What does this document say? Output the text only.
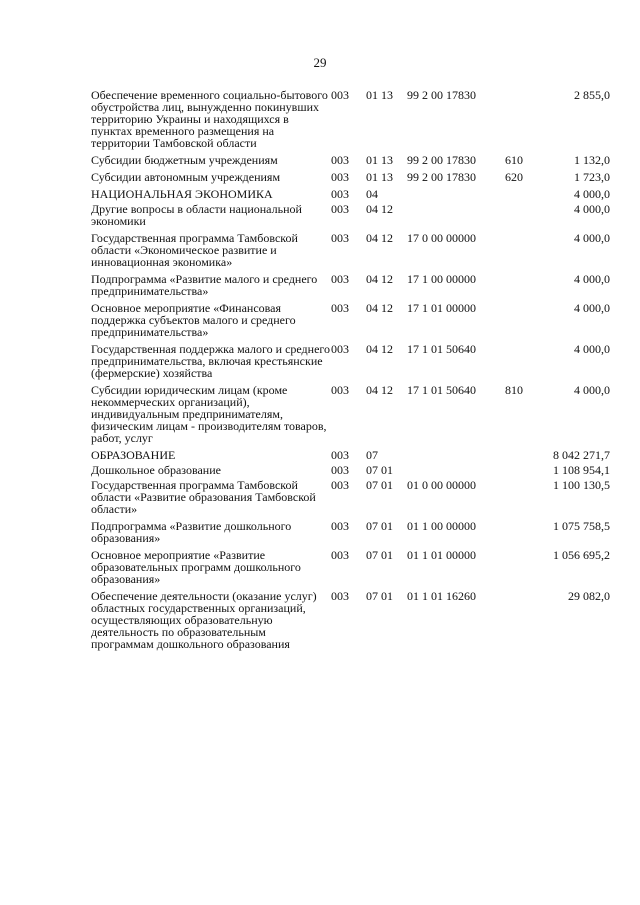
29
Обеспечение временного социально-бытового обустройства лиц, вынужденно покинувших территорию Украины и находящихся в пунктах временного размещения на территории Тамбовской области	003	01 13	99 2 00 17830		2 855,0
Субсидии бюджетным учреждениям	003	01 13	99 2 00 17830	610	1 132,0
Субсидии автономным учреждениям	003	01 13	99 2 00 17830	620	1 723,0
НАЦИОНАЛЬНАЯ ЭКОНОМИКА	003	04			4 000,0
Другие вопросы в области национальной экономики	003	04 12			4 000,0
Государственная программа Тамбовской области «Экономическое развитие и инновационная экономика»	003	04 12	17 0 00 00000		4 000,0
Подпрограмма «Развитие малого и среднего предпринимательства»	003	04 12	17 1 00 00000		4 000,0
Основное мероприятие «Финансовая поддержка субъектов малого и среднего предпринимательства»	003	04 12	17 1 01 00000		4 000,0
Государственная поддержка малого и среднего предпринимательства, включая крестьянские (фермерские) хозяйства	003	04 12	17 1 01 50640		4 000,0
Субсидии юридическим лицам (кроме некоммерческих организаций), индивидуальным предпринимателям, физическим лицам - производителям товаров, работ, услуг	003	04 12	17 1 01 50640	810	4 000,0
ОБРАЗОВАНИЕ	003	07			8 042 271,7
Дошкольное образование	003	07 01			1 108 954,1
Государственная программа Тамбовской области «Развитие образования Тамбовской области»	003	07 01	01 0 00 00000		1 100 130,5
Подпрограмма «Развитие дошкольного образования»	003	07 01	01 1 00 00000		1 075 758,5
Основное мероприятие «Развитие образовательных программ дошкольного образования»	003	07 01	01 1 01 00000		1 056 695,2
Обеспечение деятельности (оказание услуг) областных государственных организаций, осуществляющих образовательную деятельность по образовательным программам дошкольного образования	003	07 01	01 1 01 16260		29 082,0
